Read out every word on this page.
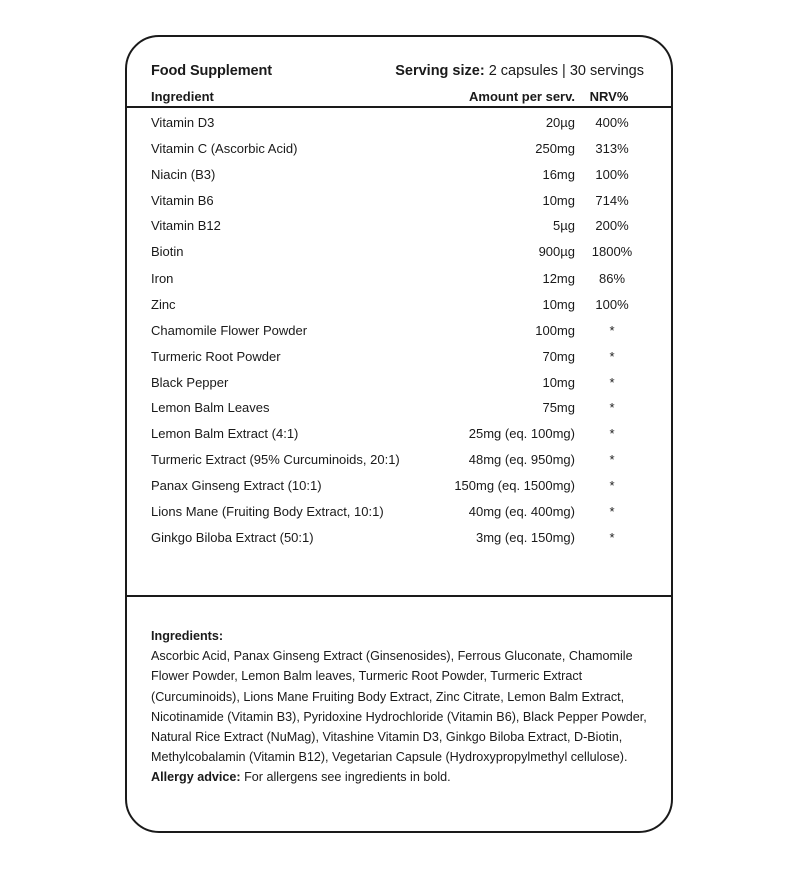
Food Supplement	Serving size: 2 capsules | 30 servings
Ingredient	Amount per serv.	NRV%
Vitamin D3	20µg	400%
Vitamin C (Ascorbic Acid)	250mg	313%
Niacin (B3)	16mg	100%
Vitamin B6	10mg	714%
Vitamin B12	5µg	200%
Biotin	900µg	1800%
Iron	12mg	86%
Zinc	10mg	100%
Chamomile Flower Powder	100mg	*
Turmeric Root Powder	70mg	*
Black Pepper	10mg	*
Lemon Balm Leaves	75mg	*
Lemon Balm Extract (4:1)	25mg (eq. 100mg)	*
Turmeric Extract (95% Curcuminoids, 20:1)	48mg (eq. 950mg)	*
Panax Ginseng Extract (10:1)	150mg (eq. 1500mg)	*
Lions Mane (Fruiting Body Extract, 10:1)	40mg (eq. 400mg)	*
Ginkgo Biloba Extract (50:1)	3mg (eq. 150mg)	*
Ingredients:
Ascorbic Acid, Panax Ginseng Extract (Ginsenosides), Ferrous Gluconate, Chamomile Flower Powder, Lemon Balm leaves, Turmeric Root Powder, Turmeric Extract (Curcuminoids), Lions Mane Fruiting Body Extract, Zinc Citrate, Lemon Balm Extract, Nicotinamide (Vitamin B3), Pyridoxine Hydrochloride (Vitamin B6), Black Pepper Powder, Natural Rice Extract (NuMag), Vitashine Vitamin D3, Ginkgo Biloba Extract, D-Biotin, Methylcobalamin (Vitamin B12), Vegetarian Capsule (Hydroxypropylmethyl cellulose).
Allergy advice: For allergens see ingredients in bold.
